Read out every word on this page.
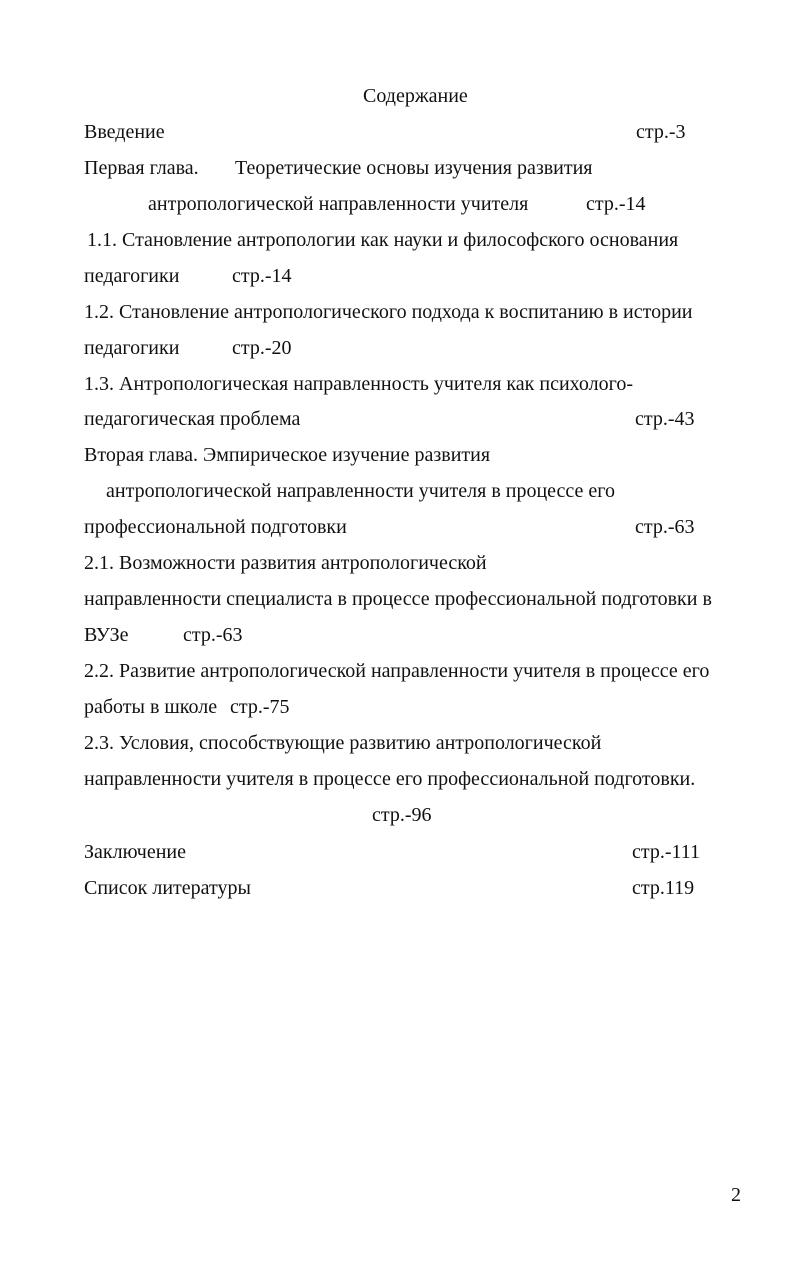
Содержание
Введение	стр.-3
Первая глава. Теоретические основы изучения развития
антропологической направленности учителя	стр.-14
1.1. Становление антропологии как науки и философского основания
педагогики	стр.-14
1.2. Становление антропологического подхода к воспитанию в истории
педагогики	стр.-20
1.3. Антропологическая направленность учителя как психолого-
педагогическая проблема	стр.-43
Вторая глава. Эмпирическое изучение развития
антропологической направленности учителя в процессе его
профессиональной подготовки	стр.-63
2.1. Возможности развития антропологической
направленности специалиста в процессе профессиональной подготовки в
ВУЗе	стр.-63
2.2. Развитие антропологической направленности учителя в процессе его
работы в школе стр.-75
2.3. Условия, способствующие развитию антропологической
направленности учителя в процессе его профессиональной подготовки.
стр.-96
Заключение	стр.-111
Список литературы	стр.119
2
